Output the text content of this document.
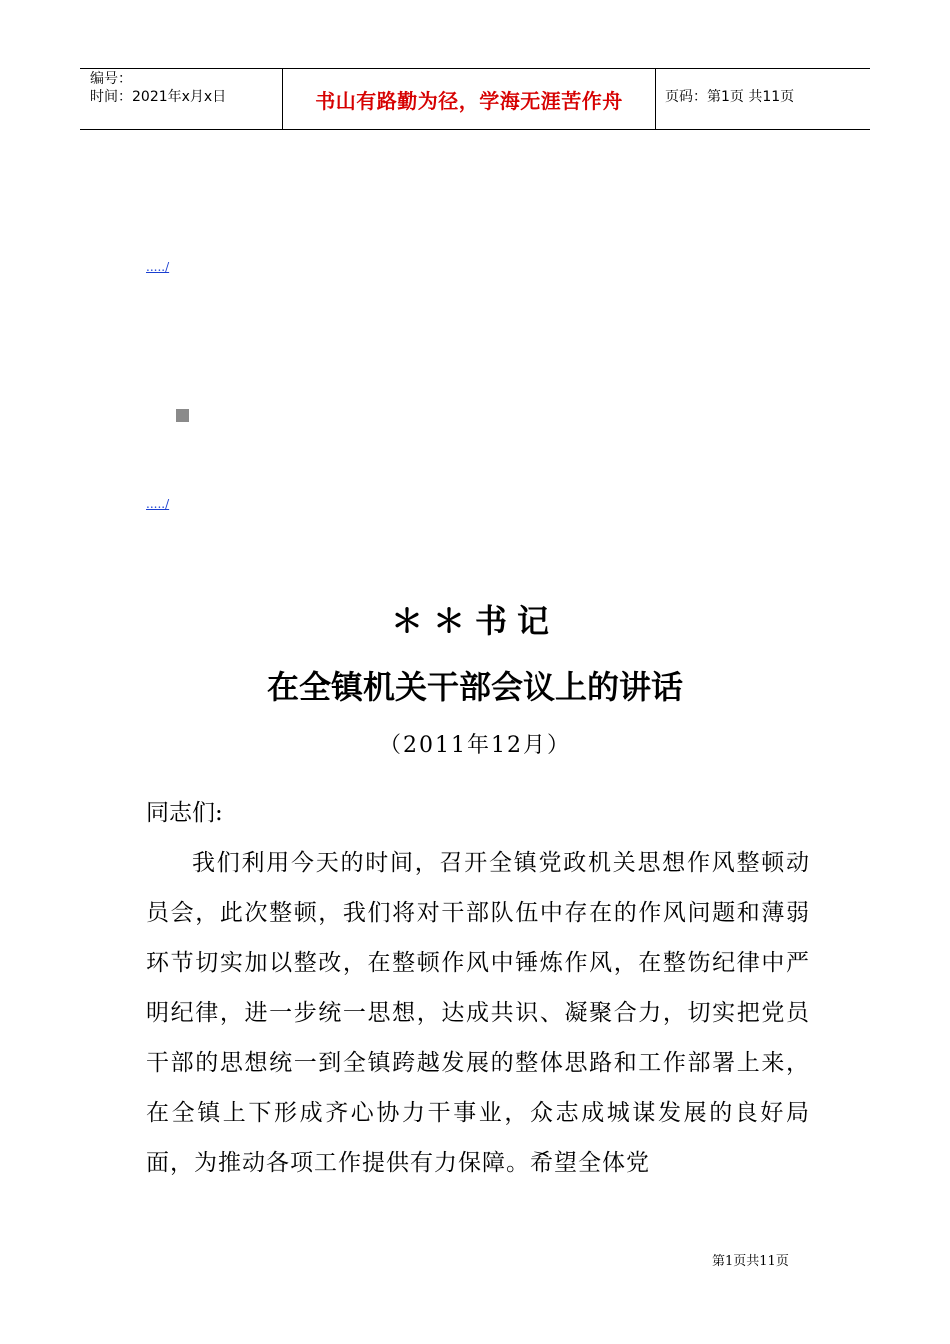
编号：
时间：2021年x月x日	书山有路勤为径，学海无涯苦作舟	页码：第1页 共11页
...../
...../
＊＊书记
在全镇机关干部会议上的讲话
（2011年12月）

同志们:

我们利用今天的时间，召开全镇党政机关思想作风整顿动员会，此次整顿，我们将对干部队伍中存在的作风问题和薄弱环节切实加以整改，在整顿作风中锤炼作风，在整饬纪律中严明纪律，进一步统一思想，达成共识、凝聚合力，切实把党员干部的思想统一到全镇跨越发展的整体思路和工作部署上来，在全镇上下形成齐心协力干事业，众志成城谋发展的良好局面，为推动各项工作提供有力保障。希望全体党

第1页共11页
